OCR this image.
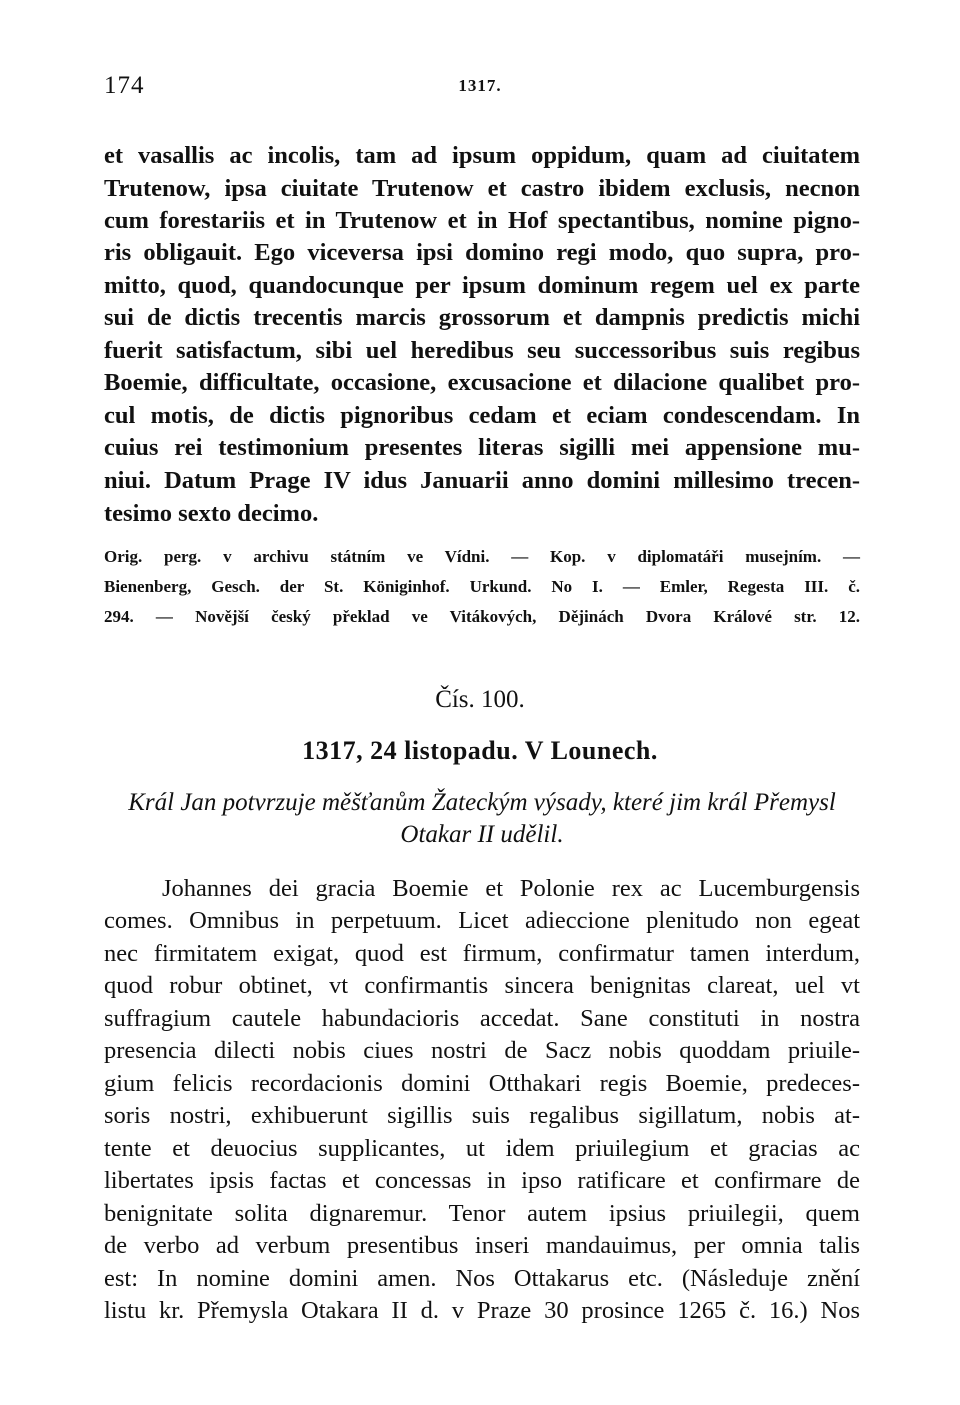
174	1317.
et vasallis ac incolis, tam ad ipsum oppidum, quam ad ciuitatem
Trutenow, ipsa ciuitate Trutenow et castro ibidem exclusis, necnon
cum forestariis et in Trutenow et in Hof spectantibus, nomine pigno-
ris obligauit. Ego viceversa ipsi domino regi modo, quo supra, pro-
mitto, quod, quandocunque per ipsum dominum regem uel ex parte
sui de dictis trecentis marcis grossorum et dampnis predictis michi
fuerit satisfactum, sibi uel heredibus seu successoribus suis regibus
Boemie, difficultate, occasione, excusacione et dilacione qualibet pro-
cul motis, de dictis pignoribus cedam et eciam condescendam. In
cuius rei testimonium presentes literas sigilli mei appensione mu-
niui. Datum Prage IV idus Januarii anno domini millesimo trecen-
tesimo sexto decimo.
Orig. perg. v archivu státním ve Vídni. — Kop. v diplomatáři musejním. —
Bienenberg, Gesch. der St. Königinhof. Urkund. No I. — Emler, Regesta III. č.
294. — Novější český překlad ve Vitákových, Dějinách Dvora Králové str. 12.
Čís. 100.
1317, 24 listopadu. V Lounech.
Král Jan potvrzuje měšťanům Žateckým výsady, které jim král Přemysl
Otakar II udělil.
Johannes dei gracia Boemie et Polonie rex ac Lucemburgensis
comes. Omnibus in perpetuum. Licet adieccione plenitudo non egeat
nec firmitatem exigat, quod est firmum, confirmatur tamen interdum,
quod robur obtinet, vt confirmantis sincera benignitas clareat, uel vt
suffragium cautele habundacioris accedat. Sane constituti in nostra
presencia dilecti nobis ciues nostri de Sacz nobis quoddam priuile-
gium felicis recordacionis domini Otthakari regis Boemie, predeces-
soris nostri, exhibuerunt sigillis suis regalibus sigillatum, nobis at-
tente et deuocius supplicantes, ut idem priuilegium et gracias ac
libertates ipsis factas et concessas in ipso ratificare et confirmare de
benignitate solita dignaremur. Tenor autem ipsius priuilegii, quem
de verbo ad verbum presentibus inseri mandauimus, per omnia talis
est: In nomine domini amen. Nos Ottakarus etc. (Následuje znění
listu kr. Přemysla Otakara II d. v Praze 30 prosince 1265 č. 16.) Nos
